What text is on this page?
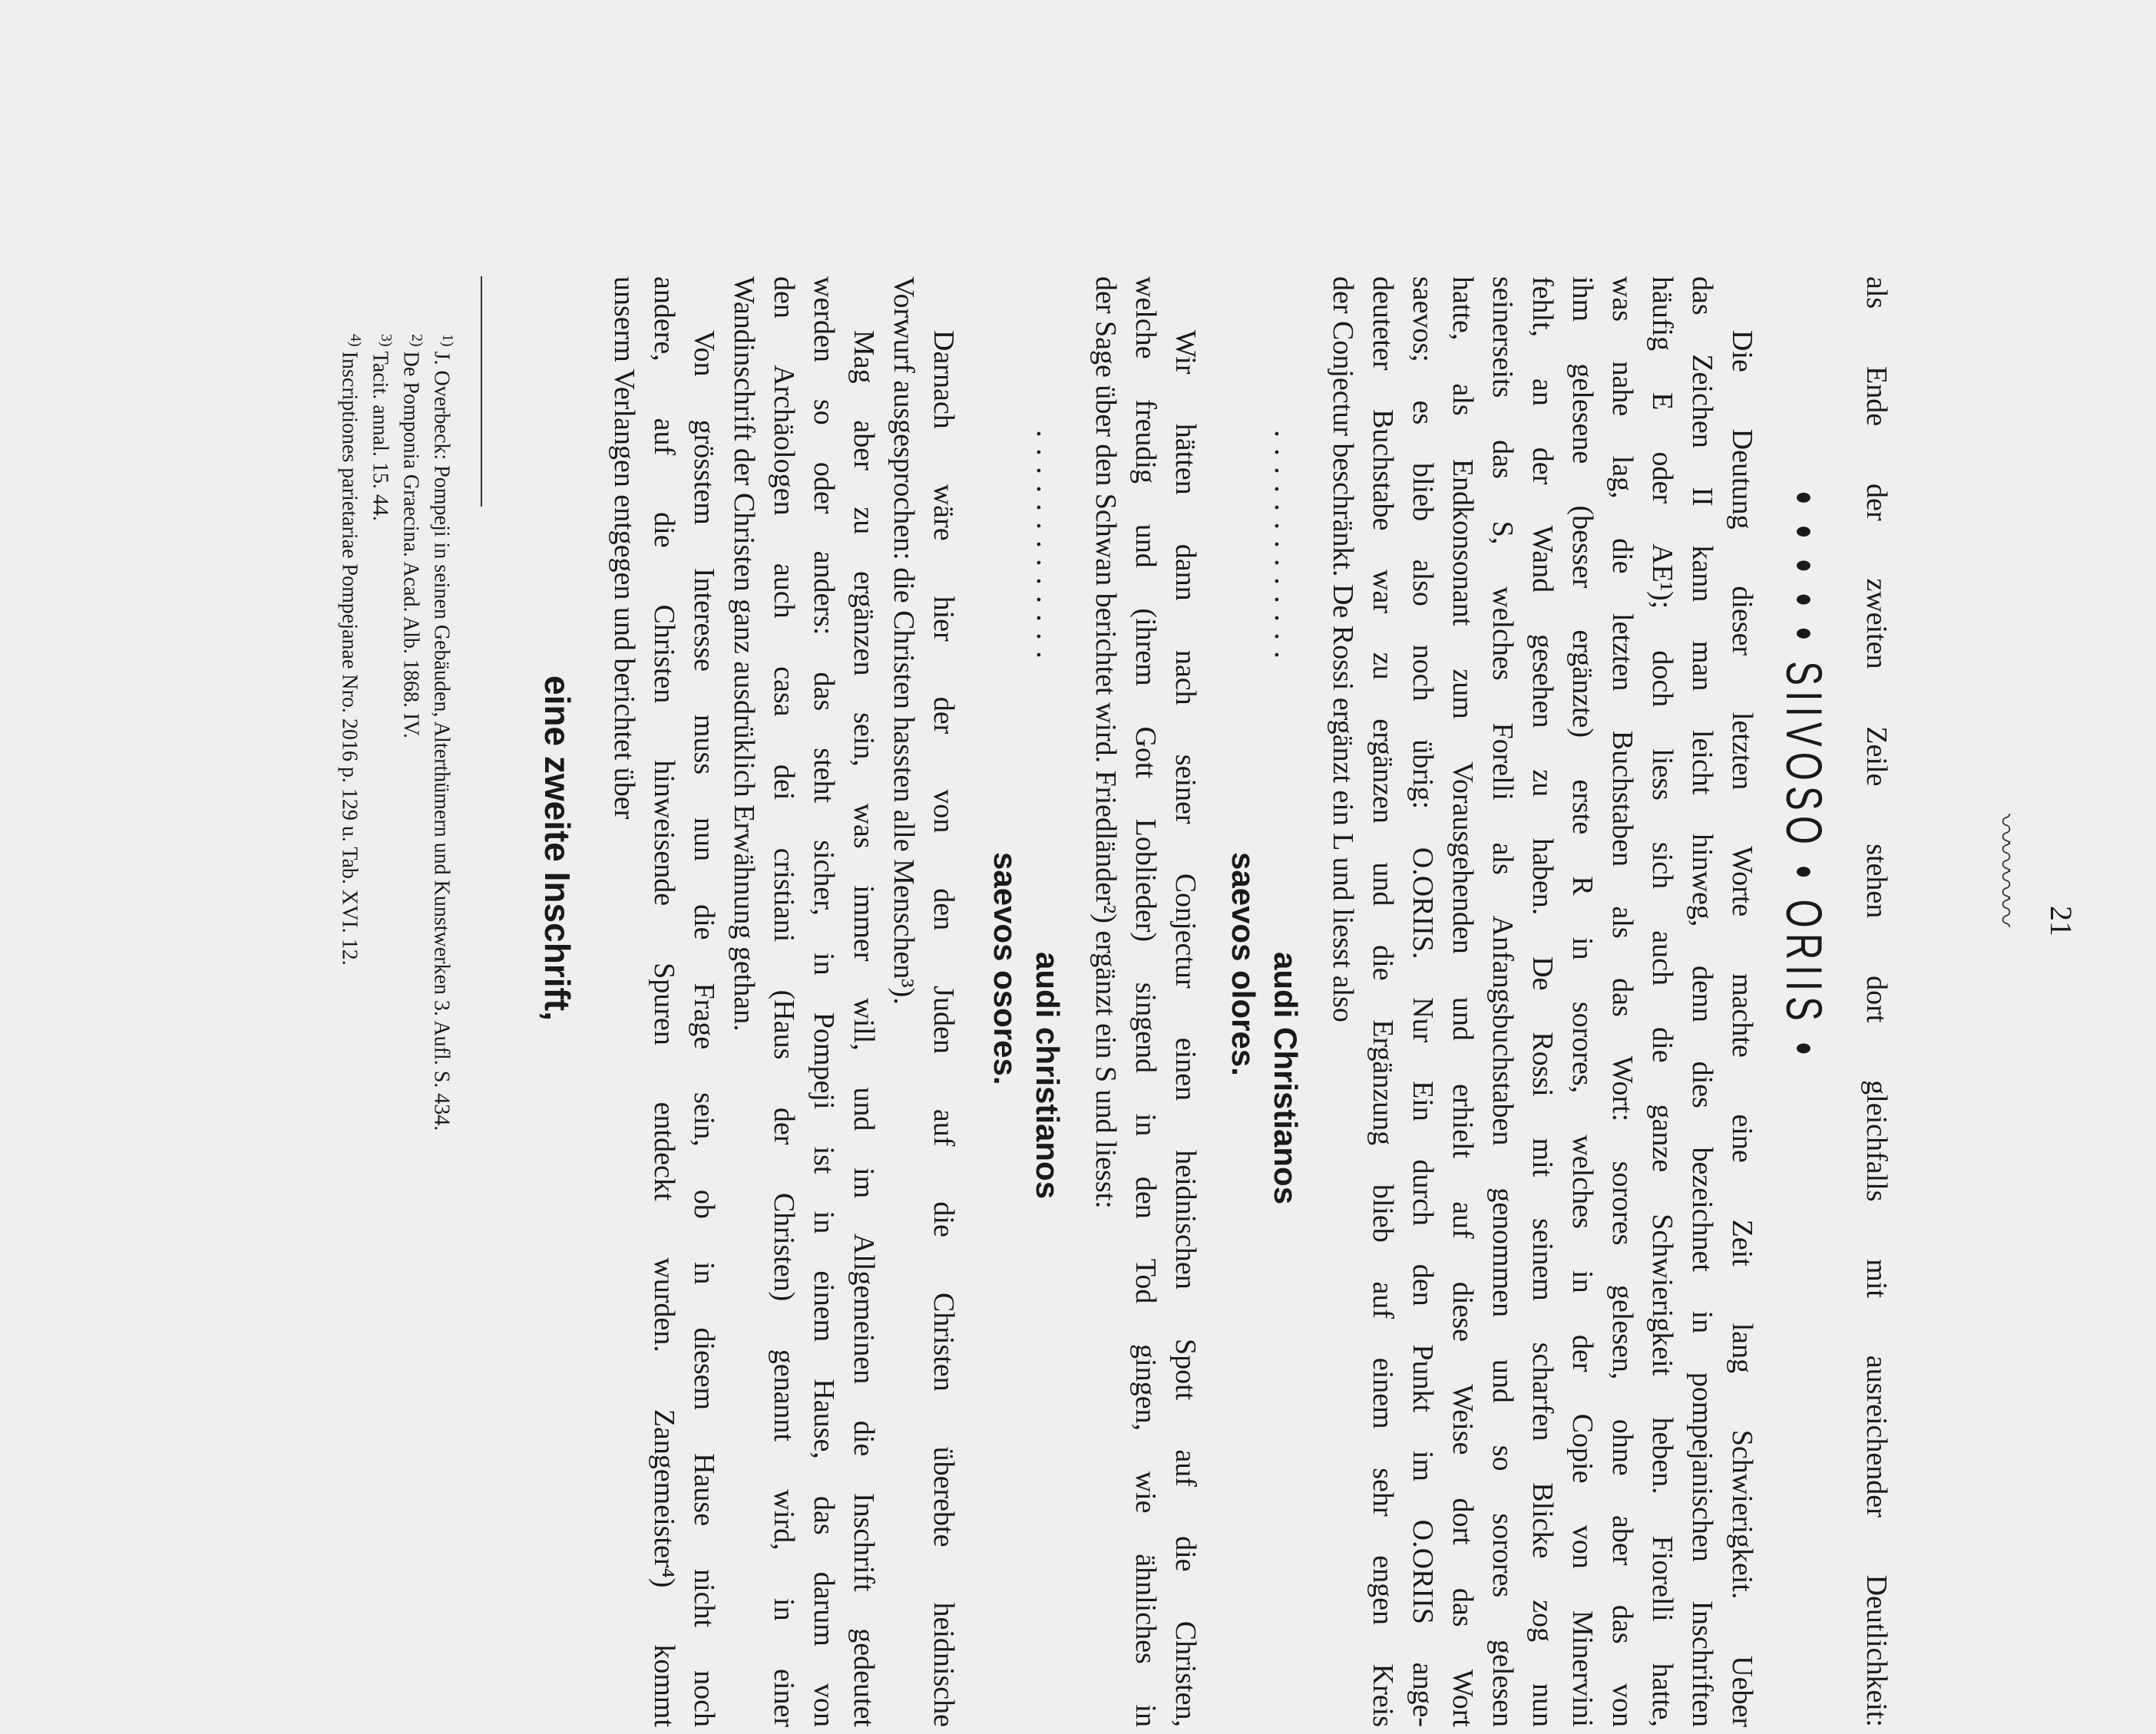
21
〰〰〰〰
als Ende der zweiten Zeile stehen dort gleichfalls mit ausreichender Deutlichkeit:
• • • • • SIIVOSO • ORIIS •
Die Deutung dieser letzten Worte machte eine Zeit lang Schwierigkeit. Ueber
das Zeichen II kann man leicht hinweg, denn dies bezeichnet in pompejanischen Inschriften
häufig E oder AE¹); doch liess sich auch die ganze Schwierigkeit heben. Fiorelli hatte,
was nahe lag, die letzten Buchstaben als das Wort: sorores gelesen, ohne aber das von
ihm gelesene (besser ergänzte) erste R in sorores, welches in der Copie von Minervini
fehlt, an der Wand gesehen zu haben. De Rossi mit seinem scharfen Blicke zog nun
seinerseits das S, welches Forelli als Anfangsbuchstaben genommen und so sorores gelesen
hatte, als Endkonsonant zum Vorausgehenden und erhielt auf diese Weise dort das Wort
saevos; es blieb also noch übrig: O.ORIIS. Nur Ein durch den Punkt im O.ORIIS ange-
deuteter Buchstabe war zu ergänzen und die Ergänzung blieb auf einem sehr engen Kreis
der Conjectur beschränkt. De Rossi ergänzt ein L und liesst also
. . . . . . . . . . . . .
audi Christianos
saevos olores.
Wir hätten dann nach seiner Conjectur einen heidnischen Spott auf die Christen,
welche freudig und (ihrem Gott Loblieder) singend in den Tod gingen, wie ähnliches in
der Sage über den Schwan berichtet wird. Friedländer²) ergänzt ein S und liesst:
. . . . . . . . . . . . .
audi christianos
saevos osores.
Darnach wäre hier der von den Juden auf die Christen überebte heidnische
Vorwurf ausgesprochen: die Christen hassten alle Menschen³).
Mag aber zu ergänzen sein, was immer will, und im Allgemeinen die Inschrift gedeutet
werden so oder anders: das steht sicher, in Pompeji ist in einem Hause, das darum von
den Archäologen auch casa dei cristiani (Haus der Christen) genannt wird, in einer
Wandinschrift der Christen ganz ausdrüklich Erwähnung gethan.
Von grösstem Interesse muss nun die Frage sein, ob in diesem Hause nicht noch
andere, auf die Christen hinweisende Spuren entdeckt wurden. Zangemeister⁴) kommt
unserm Verlangen entgegen und berichtet über
eine zweite Inschrift,
$^{1)}$J. Overbeck: Pompeji in seinen Gebäuden, Alterthümern und Kunstwerken 3. Aufl. S. 434.
$^{2)}$De Pomponia Graecina. Acad. Alb. 1868. IV.
$^{3)}$Tacit. annal. 15. 44.
$^{4)}$Inscriptiones parietariae Pompejanae Nro. 2016 p. 129 u. Tab. XVI. 12.
